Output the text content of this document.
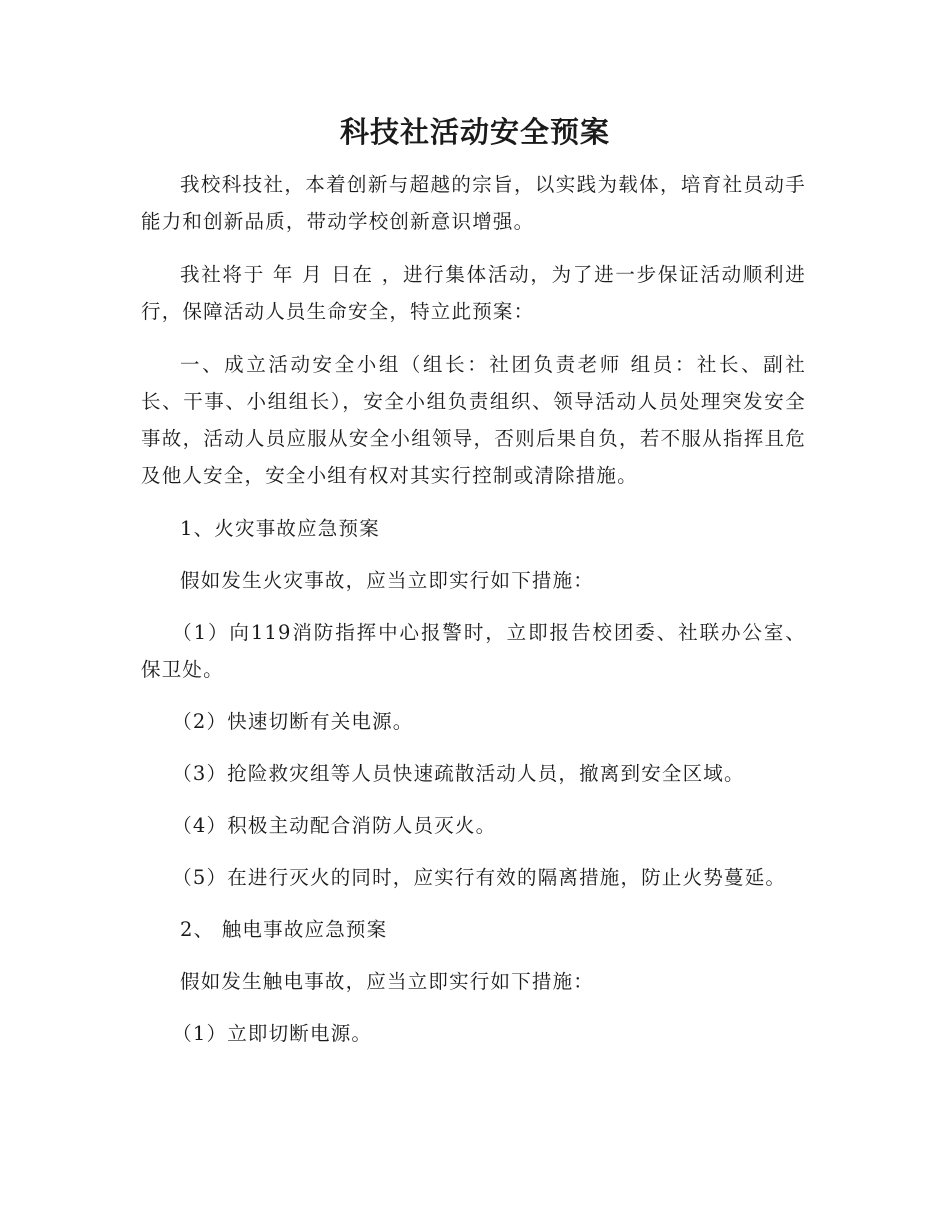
科技社活动安全预案

我校科技社，本着创新与超越的宗旨，以实践为载体，培育社员动手能力和创新品质，带动学校创新意识增强。

我社将于 年 月 日在 ，进行集体活动，为了进一步保证活动顺利进行，保障活动人员生命安全，特立此预案：

一、成立活动安全小组（组长：社团负责老师 组员：社长、副社长、干事、小组组长），安全小组负责组织、领导活动人员处理突发安全事故，活动人员应服从安全小组领导，否则后果自负，若不服从指挥且危及他人安全，安全小组有权对其实行控制或清除措施。

1、火灾事故应急预案

假如发生火灾事故，应当立即实行如下措施：

（1）向119消防指挥中心报警时，立即报告校团委、社联办公室、保卫处。

（2）快速切断有关电源。

（3）抢险救灾组等人员快速疏散活动人员，撤离到安全区域。

（4）积极主动配合消防人员灭火。

（5）在进行灭火的同时，应实行有效的隔离措施，防止火势蔓延。

2、 触电事故应急预案

假如发生触电事故，应当立即实行如下措施：

（1）立即切断电源。
